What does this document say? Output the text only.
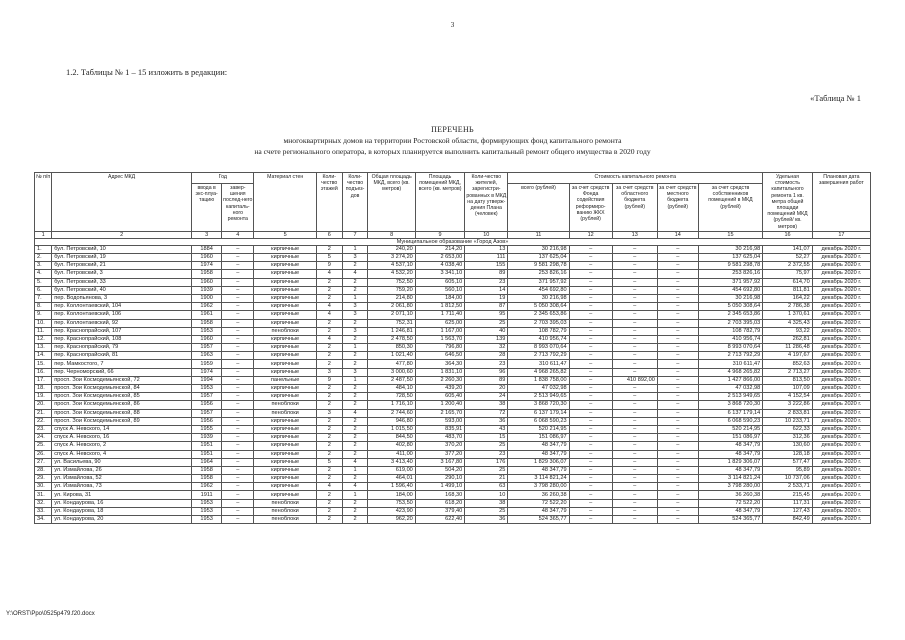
3
1.2. Таблицы № 1 – 15 изложить в редакции:
«Таблица № 1
ПЕРЕЧЕНЬ
многоквартирных домов на территории Ростовской области, формирующих фонд капитального ремонта
на счете регионального оператора, в которых планируется выполнить капитальный ремонт общего имущества в 2020 году
№ п/п	Адрес МКД	Год		Материал стен	Коли-чество этажей	Коли-чество подъез-дов	Общая площадь МКД, всего (кв. метров)	Площадь помещений МКД, всего (кв. метров)	Коли-чество жителей, зарегистри-рованных в МКД на дату утверж-дения Плана (человек)	Стоимость капитального ремонта					Удельная стоимость капитального ремонта 1 кв. метра общей площади помещений МКД (рублей/ кв. метров)	Плановая дата завершения работ
		ввода в экс-плуа-тацию	завер-шения послед-него капиталь-ного ремонта							всего (рублей)	за счет средств Фонда содействия реформиро-ванию ЖКХ (рублей)	за счет средств областного бюджета (рублей)	за счет средств местного бюджета (рублей)	за счет средств собственников помещений в МКД (рублей)		
1	2	3	4	5	6	7	8	9	10	11	12	13	14	15	16	17
Муниципальное образование «Город Азов»																
1.	бул. Петровский, 10	1884	–	кирпичные	2	1	240,20	214,20	13	30 216,98	–	–	–	30 216,98	141,07	декабрь 2020 г.
2.	бул. Петровский, 19	1960	–	кирпичные	5	3	3 274,20	2 653,00	111	137 625,04	–	–	–	137 625,04	52,27	декабрь 2020 г.
3.	бул. Петровский, 21	1974	–	кирпичные	9	2	4 537,10	4 038,40	155	9 581 298,78	–	–	–	9 581 298,78	2 372,55	декабрь 2020 г.
4.	бул. Петровский, 3	1958	–	кирпичные	4	4	4 532,20	3 341,10	89	253 826,16	–	–	–	253 826,16	75,97	декабрь 2020 г.
5.	бул. Петровский, 33	1960	–	кирпичные	2	2	752,50	605,10	23	371 957,92	–	–	–	371 957,92	614,70	декабрь 2020 г.
6.	бул. Петровский, 40	1939	–	кирпичные	2	2	759,20	560,10	14	454 692,80	–	–	–	454 692,80	811,81	декабрь 2020 г.
7.	пер. Водопьянова, 3	1900	–	кирпичные	2	1	214,80	184,00	19	30 216,98	–	–	–	30 216,98	164,22	декабрь 2020 г.
8.	пер. Коллонтаевский, 104	1962	–	кирпичные	4	3	2 061,80	1 812,50	87	5 050 308,64	–	–	–	5 050 308,64	2 786,38	декабрь 2020 г.
9.	пер. Коллонтаевский, 106	1961	–	кирпичные	4	3	2 071,10	1 711,40	95	2 345 653,86	–	–	–	2 345 653,86	1 370,61	декабрь 2020 г.
10.	пер. Коллонтаевский, 92	1958	–	кирпичные	2	2	752,31	625,00	25	2 703 395,03	–	–	–	2 703 395,03	4 325,43	декабрь 2020 г.
11.	пер. Краснопрайский, 107	1953	–	пеноблоки	2	3	1 246,81	1 167,00	40	108 782,79	–	–	–	108 782,79	93,22	декабрь 2020 г.
12.	пер. Краснопрайский, 108	1960	–	кирпичные	4	2	2 478,50	1 563,70	139	410 956,74	–	–	–	410 956,74	262,81	декабрь 2020 г.
13.	пер. Краснопрайский, 79	1957	–	кирпичные	2	1	850,30	796,80	32	8 993 070,64	–	–	–	8 993 070,64	11 286,48	декабрь 2020 г.
14.	пер. Краснопрайский, 81	1963	–	кирпичные	2	2	1 021,40	646,50	28	2 713 792,29	–	–	–	2 713 792,29	4 197,67	декабрь 2020 г.
15.	пер. Мамкостого, 7	1959	–	кирпичные	2	2	477,80	364,30	23	310 611,47	–	–	–	310 611,47	852,63	декабрь 2020 г.
16.	пер. Черноморский, 66	1974	–	кирпичные	3	3	3 000,60	1 831,10	96	4 968 265,82	–	–	–	4 968 265,82	2 713,27	декабрь 2020 г.
17.	просп. Зои Космодемьянской, 72	1994	–	панельные	9	1	2 487,50	2 260,30	89	1 838 758,00	–	410 892,00	–	1 427 866,00	813,50	декабрь 2020 г.
18.	просп. Зои Космодемьянской, 84	1953	–	кирпичные	2	2	484,10	439,20	20	47 032,98	–	–	–	47 032,98	107,09	декабрь 2020 г.
19.	просп. Зои Космодемьянской, 85	1957	–	кирпичные	2	2	728,50	605,40	24	2 513 949,65	–	–	–	2 513 949,65	4 152,54	декабрь 2020 г.
20.	просп. Зои Космодемьянской, 86	1956	–	пеноблоки	2	2	1 716,10	1 200,40	38	3 868 720,30	–	–	–	3 868 720,30	3 222,86	декабрь 2020 г.
21.	просп. Зои Космодемьянской, 88	1957	–	пеноблоки	3	4	2 744,60	2 165,70	72	6 137 179,14	–	–	–	6 137 179,14	2 833,81	декабрь 2020 г.
22.	просп. Зои Космодемьянской, 89	1956	–	кирпичные	2	2	946,80	593,00	36	6 068 590,23	–	–	–	6 068 590,23	10 233,71	декабрь 2020 г.
23.	спуск А. Невского, 14	1955	–	кирпичные	2	2	1 015,50	835,91	43	520 214,95	–	–	–	520 214,95	622,33	декабрь 2020 г.
24.	спуск А. Невского, 16	1939	–	кирпичные	2	2	844,50	483,70	15	151 086,97	–	–	–	151 086,97	312,36	декабрь 2020 г.
25.	спуск А. Невского, 2	1951	–	кирпичные	2	2	402,80	370,20	25	48 347,79	–	–	–	48 347,79	130,60	декабрь 2020 г.
26.	спуск А. Невского, 4	1951	–	кирпичные	2	2	411,00	377,20	23	48 347,79	–	–	–	48 347,79	128,18	декабрь 2020 г.
27.	ул. Васильева, 90	1964	–	кирпичные	5	4	3 413,40	3 167,80	176	1 829 306,07	–	–	–	1 829 306,07	577,47	декабрь 2020 г.
28.	ул. Измайлова, 26	1958	–	кирпичные	2	1	619,00	504,20	25	48 347,79	–	–	–	48 347,79	95,89	декабрь 2020 г.
29.	ул. Измайлова, 52	1958	–	кирпичные	2	2	464,01	290,10	21	3 114 821,24	–	–	–	3 114 821,24	10 737,06	декабрь 2020 г.
30.	ул. Измайлова, 73	1962	–	кирпичные	4	4	1 596,40	1 499,10	63	3 798 280,00	–	–	–	3 798 280,00	2 533,71	декабрь 2020 г.
31.	ул. Кирова, 31	1911	–	кирпичные	2	1	184,00	168,30	10	36 260,38	–	–	–	36 260,38	215,45	декабрь 2020 г.
32.	ул. Кондаурова, 16	1953	–	пеноблоки	2	2	753,50	618,20	38	72 522,20	–	–	–	72 522,20	117,31	декабрь 2020 г.
33.	ул. Кондаурова, 18	1953	–	пеноблоки	2	2	423,90	379,40	25	48 347,79	–	–	–	48 347,79	127,43	декабрь 2020 г.
34.	ул. Кондаурова, 20	1953	–	пеноблоки	2	2	962,20	622,40	36	524 365,77	–	–	–	524 365,77	842,49	декабрь 2020 г.
Y:\ORST\Ppo\0525p479.f20.docx
